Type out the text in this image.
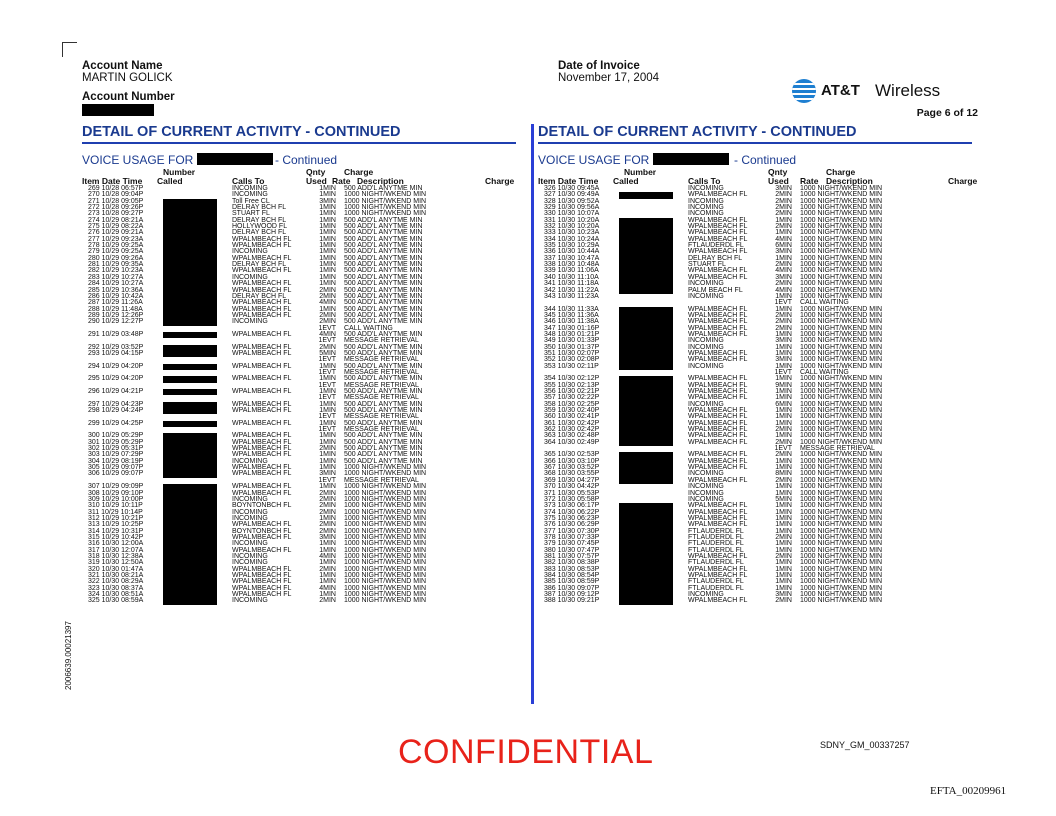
Account Name
MARTIN GOLICK
Account Number
Date of Invoice
November 17, 2004
AT&T Wireless
Page 6 of 12
DETAIL OF CURRENT ACTIVITY - CONTINUED
VOICE USAGE FOR	- Continued
Number	Qnty Charge
Item Date Time Called	Calls To	Used Rate Description	Charge
269 10/28 06:57P	INCOMING	1MIN 500 ADD'L ANYTME MIN
270 10/28 09:04P	INCOMING	1MIN 1000 NIGHT/WKEND MIN
271 10/28 09:05P	Toll Free CL	3MIN 1000 NIGHT/WKEND MIN
272 10/28 09:26P	DELRAY BCH FL	1MIN 1000 NIGHT/WKEND MIN
273 10/28 09:27P	STUART FL	1MIN 1000 NIGHT/WKEND MIN
274 10/29 08:21A	DELRAY BCH FL	1MIN 500 ADD'L ANYTME MIN
275 10/29 08:22A	HOLLYWOOD FL	1MIN 500 ADD'L ANYTME MIN
276 10/29 09:21A	DELRAY BCH FL	1MIN 500 ADD'L ANYTME MIN
277 10/29 09:23A	WPALMBEACH FL	1MIN 500 ADD'L ANYTME MIN
278 10/29 09:25A	WPALMBEACH FL	1MIN 500 ADD'L ANYTME MIN
279 10/29 09:25A	INCOMING	1MIN 500 ADD'L ANYTME MIN
280 10/29 09:26A	WPALMBEACH FL	1MIN 500 ADD'L ANYTME MIN
281 10/29 09:35A	DELRAY BCH FL	1MIN 500 ADD'L ANYTME MIN
282 10/29 10:23A	WPALMBEACH FL	1MIN 500 ADD'L ANYTME MIN
283 10/29 10:27A	INCOMING	1MIN 500 ADD'L ANYTME MIN
284 10/29 10:27A	WPALMBEACH FL	1MIN 500 ADD'L ANYTME MIN
285 10/29 10:36A	WPALMBEACH FL	2MIN 500 ADD'L ANYTME MIN
286 10/29 10:42A	DELRAY BCH FL	2MIN 500 ADD'L ANYTME MIN
287 10/29 11:26A	WPALMBEACH FL	4MIN 500 ADD'L ANYTME MIN
288 10/29 11:48A	WPALMBEACH FL	1MIN 500 ADD'L ANYTME MIN
289 10/29 12:26P	WPALMBEACH FL	2MIN 500 ADD'L ANYTME MIN
290 10/29 12:27P	INCOMING	2MIN 500 ADD'L ANYTME MIN
1EVT CALL WAITING
291 10/29 03:48P	WPALMBEACH FL	4MIN 500 ADD'L ANYTME MIN
1EVT MESSAGE RETRIEVAL
292 10/29 03:52P	WPALMBEACH FL	2MIN 500 ADD'L ANYTME MIN
293 10/29 04:15P	WPALMBEACH FL	5MIN 500 ADD'L ANYTME MIN
1EVT MESSAGE RETRIEVAL
294 10/29 04:20P	WPALMBEACH FL	1MIN 500 ADD'L ANYTME MIN
1EVT MESSAGE RETRIEVAL
295 10/29 04:20P	WPALMBEACH FL	1MIN 500 ADD'L ANYTME MIN
1EVT MESSAGE RETRIEVAL
296 10/29 04:21P	WPALMBEACH FL	1MIN 500 ADD'L ANYTME MIN
1EVT MESSAGE RETRIEVAL
297 10/29 04:23P	WPALMBEACH FL	1MIN 500 ADD'L ANYTME MIN
298 10/29 04:24P	WPALMBEACH FL	1MIN 500 ADD'L ANYTME MIN
1EVT MESSAGE RETRIEVAL
299 10/29 04:25P	WPALMBEACH FL	1MIN 500 ADD'L ANYTME MIN
1EVT MESSAGE RETRIEVAL
300 10/29 05:29P	WPALMBEACH FL	1MIN 500 ADD'L ANYTME MIN
301 10/29 05:29P	WPALMBEACH FL	1MIN 500 ADD'L ANYTME MIN
302 10/29 05:31P	WPALMBEACH FL	2MIN 500 ADD'L ANYTME MIN
303 10/29 07:29P	WPALMBEACH FL	1MIN 500 ADD'L ANYTME MIN
304 10/29 08:19P	INCOMING	1MIN 500 ADD'L ANYTME MIN
305 10/29 09:07P	WPALMBEACH FL	1MIN 1000 NIGHT/WKEND MIN
306 10/29 09:07P	WPALMBEACH FL	3MIN 1000 NIGHT/WKEND MIN
1EVT MESSAGE RETRIEVAL
307 10/29 09:09P	WPALMBEACH FL	1MIN 1000 NIGHT/WKEND MIN
308 10/29 09:10P	WPALMBEACH FL	2MIN 1000 NIGHT/WKEND MIN
309 10/29 10:00P	INCOMING	2MIN 1000 NIGHT/WKEND MIN
310 10/29 10:11P	BOYNTONBCH FL	2MIN 1000 NIGHT/WKEND MIN
311 10/29 10:14P	INCOMING	2MIN 1000 NIGHT/WKEND MIN
312 10/29 10:21P	INCOMING	1MIN 1000 NIGHT/WKEND MIN
313 10/29 10:25P	WPALMBEACH FL	2MIN 1000 NIGHT/WKEND MIN
314 10/29 10:31P	BOYNTONBCH FL	2MIN 1000 NIGHT/WKEND MIN
315 10/29 10:42P	WPALMBEACH FL	3MIN 1000 NIGHT/WKEND MIN
316 10/30 12:00A	INCOMING	1MIN 1000 NIGHT/WKEND MIN
317 10/30 12:07A	WPALMBEACH FL	1MIN 1000 NIGHT/WKEND MIN
318 10/30 12:38A	INCOMING	4MIN 1000 NIGHT/WKEND MIN
319 10/30 12:50A	INCOMING	1MIN 1000 NIGHT/WKEND MIN
320 10/30 01:47A	WPALMBEACH FL	2MIN 1000 NIGHT/WKEND MIN
321 10/30 08:21A	WPALMBEACH FL	1MIN 1000 NIGHT/WKEND MIN
322 10/30 08:29A	WPALMBEACH FL	1MIN 1000 NIGHT/WKEND MIN
323 10/30 08:37A	WPALMBEACH FL	4MIN 1000 NIGHT/WKEND MIN
324 10/30 08:51A	WPALMBEACH FL	1MIN 1000 NIGHT/WKEND MIN
325 10/30 08:59A	INCOMING	2MIN 1000 NIGHT/WKEND MIN
DETAIL OF CURRENT ACTIVITY - CONTINUED
VOICE USAGE FOR	- Continued
Number	Qnty	Charge
Item Date Time Called	Calls To	Used Rate Description	Charge
326 10/30 09:45A	INCOMING	3MIN 1000 NIGHT/WKEND MIN
327 10/30 09:49A	WPALMBEACH FL	2MIN 1000 NIGHT/WKEND MIN
328 10/30 09:52A	INCOMING	2MIN 1000 NIGHT/WKEND MIN
329 10/30 09:56A	INCOMING	2MIN 1000 NIGHT/WKEND MIN
330 10/30 10:07A	INCOMING	2MIN 1000 NIGHT/WKEND MIN
331 10/30 10:20A	WPALMBEACH FL	1MIN 1000 NIGHT/WKEND MIN
332 10/30 10:20A	WPALMBEACH FL	2MIN 1000 NIGHT/WKEND MIN
333 10/30 10:23A	WPALMBEACH FL	1MIN 1000 NIGHT/WKEND MIN
334 10/30 10:24A	WPALMBEACH FL	4MIN 1000 NIGHT/WKEND MIN
335 10/30 10:29A	FTLAUDERDL FL	6MIN 1000 NIGHT/WKEND MIN
336 10/30 10:44A	WPALMBEACH FL	3MIN 1000 NIGHT/WKEND MIN
337 10/30 10:47A	DELRAY BCH FL	1MIN 1000 NIGHT/WKEND MIN
338 10/30 10:48A	STUART FL	2MIN 1000 NIGHT/WKEND MIN
339 10/30 11:06A	WPALMBEACH FL	4MIN 1000 NIGHT/WKEND MIN
340 10/30 11:10A	WPALMBEACH FL	3MIN 1000 NIGHT/WKEND MIN
341 10/30 11:18A	INCOMING	2MIN 1000 NIGHT/WKEND MIN
342 10/30 11:22A	PALM BEACH FL	4MIN 1000 NIGHT/WKEND MIN
343 10/30 11:23A	INCOMING	1MIN 1000 NIGHT/WKEND MIN
1EVT CALL WAITING
344 10/30 11:33A	WPALMBEACH FL	1MIN 1000 NIGHT/WKEND MIN
345 10/30 11:36A	WPALMBEACH FL	2MIN 1000 NIGHT/WKEND MIN
346 10/30 11:38A	WPALMBEACH FL	2MIN 1000 NIGHT/WKEND MIN
347 10/30 01:16P	WPALMBEACH FL	2MIN 1000 NIGHT/WKEND MIN
348 10/30 01:21P	WPALMBEACH FL	1MIN 1000 NIGHT/WKEND MIN
349 10/30 01:33P	INCOMING	3MIN 1000 NIGHT/WKEND MIN
350 10/30 01:37P	INCOMING	1MIN 1000 NIGHT/WKEND MIN
351 10/30 02:07P	WPALMBEACH FL	1MIN 1000 NIGHT/WKEND MIN
352 10/30 02:08P	WPALMBEACH FL	3MIN 1000 NIGHT/WKEND MIN
353 10/30 02:11P	INCOMING	1MIN 1000 NIGHT/WKEND MIN
1EVT CALL WAITING
354 10/30 02:12P	WPALMBEACH FL	1MIN 1000 NIGHT/WKEND MIN
355 10/30 02:13P	WPALMBEACH FL	9MIN 1000 NIGHT/WKEND MIN
356 10/30 02:21P	WPALMBEACH FL	1MIN 1000 NIGHT/WKEND MIN
357 10/30 02:22P	WPALMBEACH FL	1MIN 1000 NIGHT/WKEND MIN
358 10/30 02:25P	INCOMING	6MIN 1000 NIGHT/WKEND MIN
359 10/30 02:40P	WPALMBEACH FL	1MIN 1000 NIGHT/WKEND MIN
360 10/30 02:41P	WPALMBEACH FL	1MIN 1000 NIGHT/WKEND MIN
361 10/30 02:42P	WPALMBEACH FL	1MIN 1000 NIGHT/WKEND MIN
362 10/30 02:42P	WPALMBEACH FL	2MIN 1000 NIGHT/WKEND MIN
363 10/30 02:48P	WPALMBEACH FL	1MIN 1000 NIGHT/WKEND MIN
364 10/30 02:49P	WPALMBEACH FL	2MIN 1000 NIGHT/WKEND MIN
1EVT MESSAGE RETRIEVAL
365 10/30 02:53P	WPALMBEACH FL	2MIN 1000 NIGHT/WKEND MIN
366 10/30 03:10P	WPALMBEACH FL	1MIN 1000 NIGHT/WKEND MIN
367 10/30 03:52P	WPALMBEACH FL	1MIN 1000 NIGHT/WKEND MIN
368 10/30 03:55P	INCOMING	8MIN 1000 NIGHT/WKEND MIN
369 10/30 04:27P	WPALMBEACH FL	2MIN 1000 NIGHT/WKEND MIN
370 10/30 04:42P	INCOMING	1MIN 1000 NIGHT/WKEND MIN
371 10/30 05:53P	INCOMING	1MIN 1000 NIGHT/WKEND MIN
372 10/30 05:58P	INCOMING	5MIN 1000 NIGHT/WKEND MIN
373 10/30 06:17P	WPALMBEACH FL	1MIN 1000 NIGHT/WKEND MIN
374 10/30 06:22P	WPALMBEACH FL	1MIN 1000 NIGHT/WKEND MIN
375 10/30 06:23P	WPALMBEACH FL	1MIN 1000 NIGHT/WKEND MIN
376 10/30 06:29P	WPALMBEACH FL	1MIN 1000 NIGHT/WKEND MIN
377 10/30 07:30P	FTLAUDERDL FL	1MIN 1000 NIGHT/WKEND MIN
378 10/30 07:33P	FTLAUDERDL FL	2MIN 1000 NIGHT/WKEND MIN
379 10/30 07:45P	FTLAUDERDL FL	1MIN 1000 NIGHT/WKEND MIN
380 10/30 07:47P	FTLAUDERDL FL	1MIN 1000 NIGHT/WKEND MIN
381 10/30 07:57P	WPALMBEACH FL	2MIN 1000 NIGHT/WKEND MIN
382 10/30 08:38P	FTLAUDERDL FL	1MIN 1000 NIGHT/WKEND MIN
383 10/30 08:53P	WPALMBEACH FL	1MIN 1000 NIGHT/WKEND MIN
384 10/30 08:54P	WPALMBEACH FL	1MIN 1000 NIGHT/WKEND MIN
385 10/30 08:59P	FTLAUDERDL FL	1MIN 1000 NIGHT/WKEND MIN
386 10/30 09:07P	FTLAUDERDL FL	1MIN 1000 NIGHT/WKEND MIN
387 10/30 09:12P	INCOMING	3MIN 1000 NIGHT/WKEND MIN
388 10/30 09:21P	WPALMBEACH FL	2MIN 1000 NIGHT/WKEND MIN
2006639.00021397
CONFIDENTIAL	SDNY_GM_00337257
EFTA_00209961
